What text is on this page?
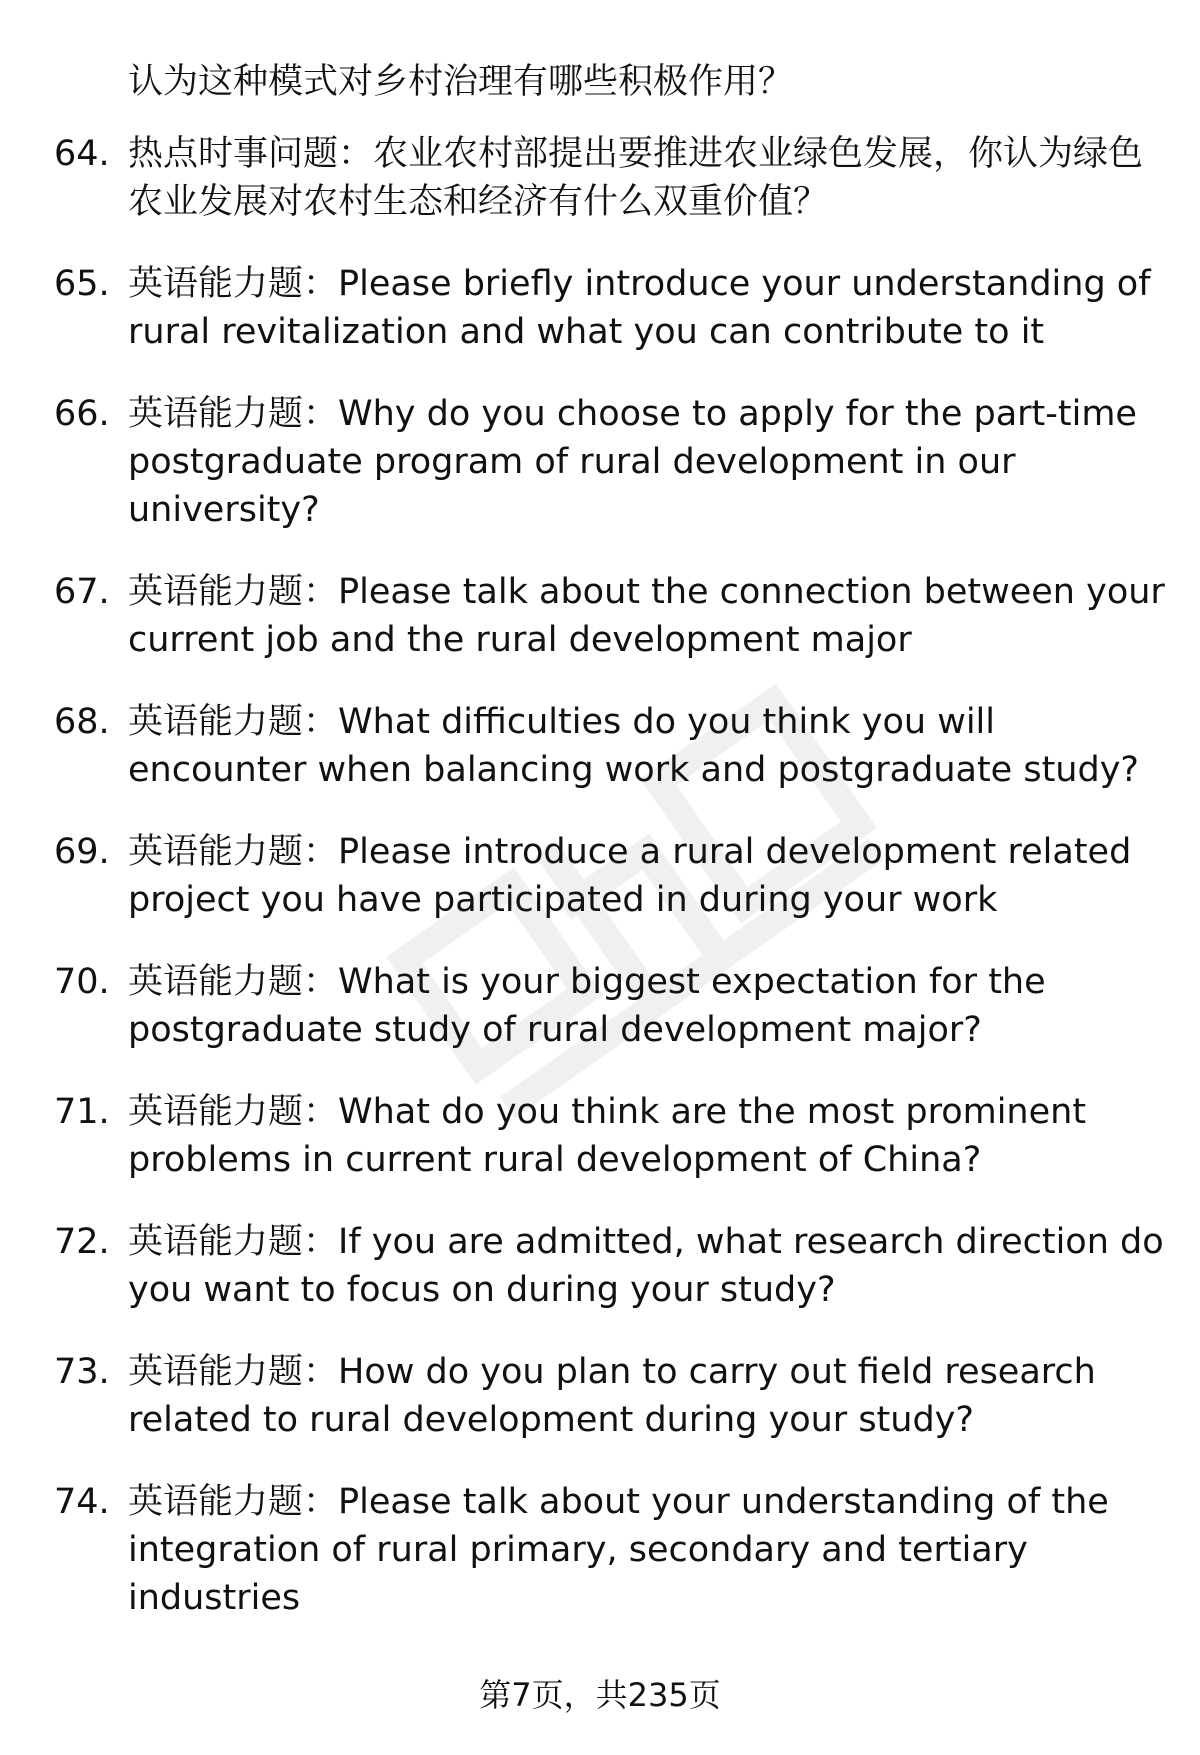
认为这种模式对乡村治理有哪些积极作用？
64. 热点时事问题：农业农村部提出要推进农业绿色发展，你认为绿色农业发展对农村生态和经济有什么双重价值？
65. 英语能力题：Please briefly introduce your understanding of rural revitalization and what you can contribute to it
66. 英语能力题：Why do you choose to apply for the part-time postgraduate program of rural development in our university?
67. 英语能力题：Please talk about the connection between your current job and the rural development major
68. 英语能力题：What difficulties do you think you will encounter when balancing work and postgraduate study?
69. 英语能力题：Please introduce a rural development related project you have participated in during your work
70. 英语能力题：What is your biggest expectation for the postgraduate study of rural development major?
71. 英语能力题：What do you think are the most prominent problems in current rural development of China?
72. 英语能力题：If you are admitted, what research direction do you want to focus on during your study?
73. 英语能力题：How do you plan to carry out field research related to rural development during your study?
74. 英语能力题：Please talk about your understanding of the integration of rural primary, secondary and tertiary industries
第7页，共235页
